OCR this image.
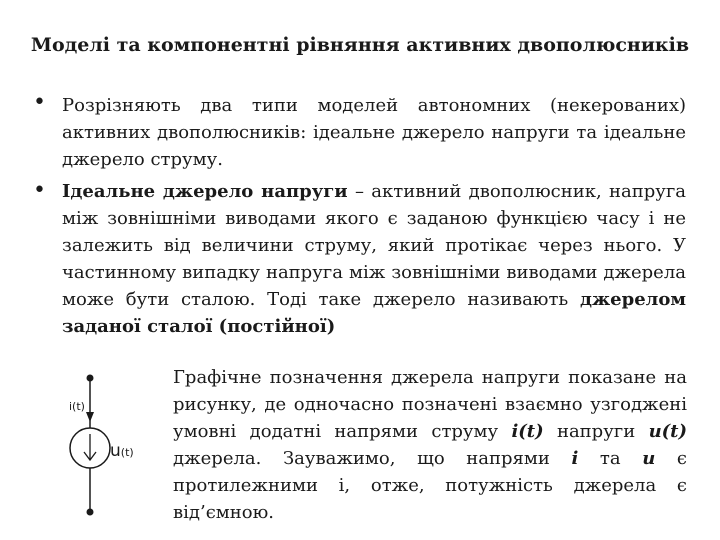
Моделі та компонентні рівняння активних двополюсників
• Розрізняють два типи моделей автономних (некерованих) активних двополюсників: ідеальне джерело напруги та ідеальне джерело струму.
• Ідеальне джерело напруги – активний двополюсник, напруга між зовнішніми виводами якого є заданою функцією часу і не залежить від величини струму, який протікає через нього. У частинному випадку напруга між зовнішніми виводами джерела може бути сталою. Тоді таке джерело називають джерелом заданої сталої (постійної)
i(t)
u(t)
Графічне позначення джерела напруги показане на рисунку, де одночасно позначені взаємно узгоджені умовні додатні напрями струму i(t) напруги u(t) джерела. Зауважимо, що напрями i та u є протилежними і, отже, потужність джерела є від’ємною.
